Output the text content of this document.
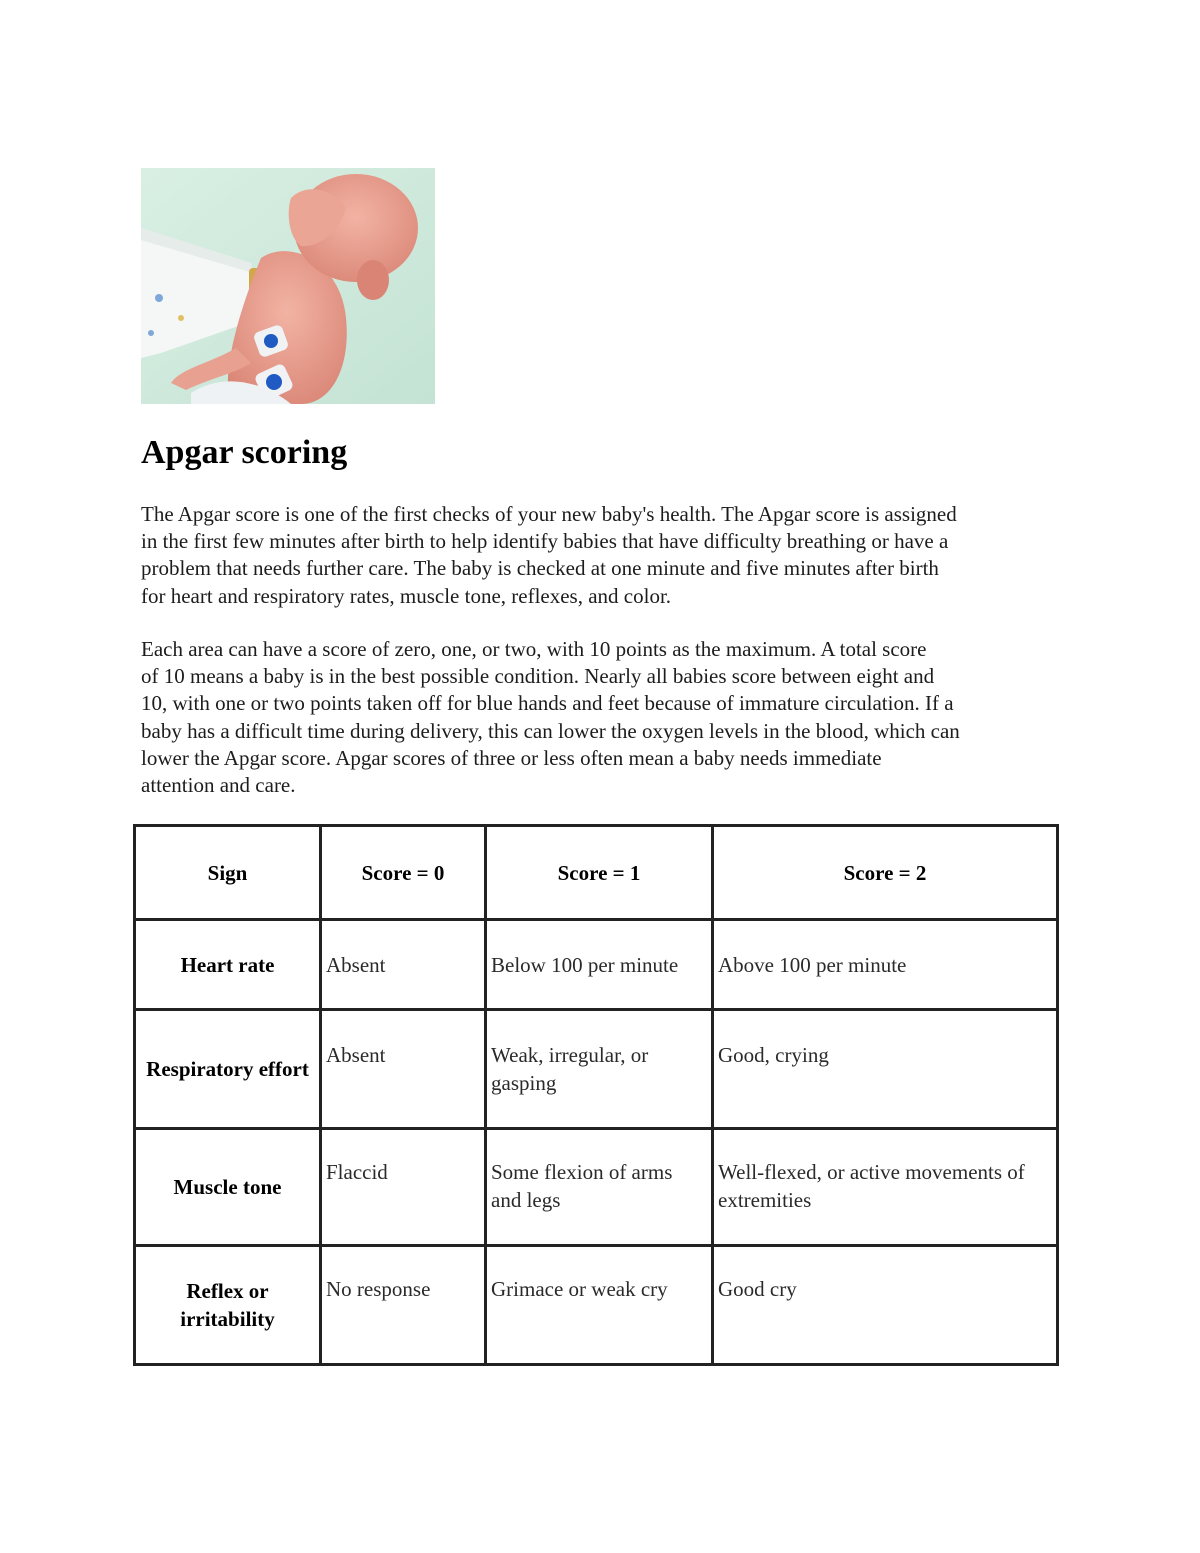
Apgar scoring

The Apgar score is one of the first checks of your new baby's health. The Apgar score is assigned
in the first few minutes after birth to help identify babies that have difficulty breathing or have a
problem that needs further care. The baby is checked at one minute and five minutes after birth
for heart and respiratory rates, muscle tone, reflexes, and color.

Each area can have a score of zero, one, or two, with 10 points as the maximum. A total score
of 10 means a baby is in the best possible condition. Nearly all babies score between eight and
10, with one or two points taken off for blue hands and feet because of immature circulation. If a
baby has a difficult time during delivery, this can lower the oxygen levels in the blood, which can
lower the Apgar score. Apgar scores of three or less often mean a baby needs immediate
attention and care.

Sign	Score = 0	Score = 1	Score = 2
Heart rate	Absent	Below 100 per minute	Above 100 per minute
Respiratory effort	Absent	Weak, irregular, or gasping	Good, crying
Muscle tone	Flaccid	Some flexion of arms and legs	Well-flexed, or active movements of extremities
Reflex or irritability	No response	Grimace or weak cry	Good cry
